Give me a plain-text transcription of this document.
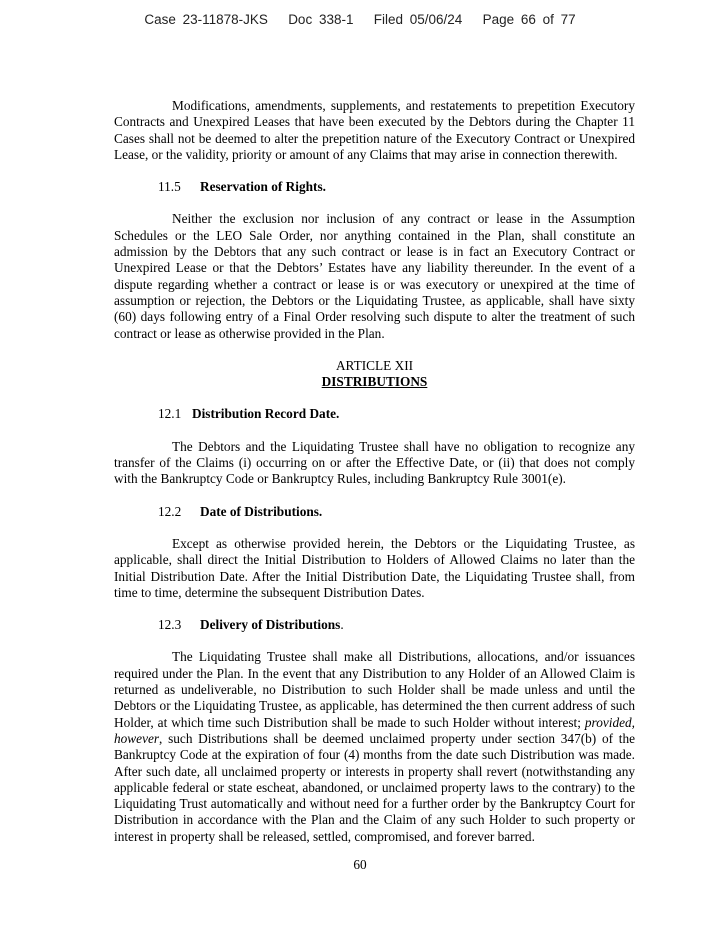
Case 23-11878-JKS Doc 338-1 Filed 05/06/24 Page 66 of 77

Modifications, amendments, supplements, and restatements to prepetition Executory Contracts and Unexpired Leases that have been executed by the Debtors during the Chapter 11 Cases shall not be deemed to alter the prepetition nature of the Executory Contract or Unexpired Lease, or the validity, priority or amount of any Claims that may arise in connection therewith.

11.5 Reservation of Rights.

Neither the exclusion nor inclusion of any contract or lease in the Assumption Schedules or the LEO Sale Order, nor anything contained in the Plan, shall constitute an admission by the Debtors that any such contract or lease is in fact an Executory Contract or Unexpired Lease or that the Debtors’ Estates have any liability thereunder. In the event of a dispute regarding whether a contract or lease is or was executory or unexpired at the time of assumption or rejection, the Debtors or the Liquidating Trustee, as applicable, shall have sixty (60) days following entry of a Final Order resolving such dispute to alter the treatment of such contract or lease as otherwise provided in the Plan.

ARTICLE XII
DISTRIBUTIONS

12.1 Distribution Record Date.

The Debtors and the Liquidating Trustee shall have no obligation to recognize any transfer of the Claims (i) occurring on or after the Effective Date, or (ii) that does not comply with the Bankruptcy Code or Bankruptcy Rules, including Bankruptcy Rule 3001(e).

12.2 Date of Distributions.

Except as otherwise provided herein, the Debtors or the Liquidating Trustee, as applicable, shall direct the Initial Distribution to Holders of Allowed Claims no later than the Initial Distribution Date. After the Initial Distribution Date, the Liquidating Trustee shall, from time to time, determine the subsequent Distribution Dates.

12.3 Delivery of Distributions.

The Liquidating Trustee shall make all Distributions, allocations, and/or issuances required under the Plan. In the event that any Distribution to any Holder of an Allowed Claim is returned as undeliverable, no Distribution to such Holder shall be made unless and until the Debtors or the Liquidating Trustee, as applicable, has determined the then current address of such Holder, at which time such Distribution shall be made to such Holder without interest; provided, however, such Distributions shall be deemed unclaimed property under section 347(b) of the Bankruptcy Code at the expiration of four (4) months from the date such Distribution was made. After such date, all unclaimed property or interests in property shall revert (notwithstanding any applicable federal or state escheat, abandoned, or unclaimed property laws to the contrary) to the Liquidating Trust automatically and without need for a further order by the Bankruptcy Court for Distribution in accordance with the Plan and the Claim of any such Holder to such property or interest in property shall be released, settled, compromised, and forever barred.

60
